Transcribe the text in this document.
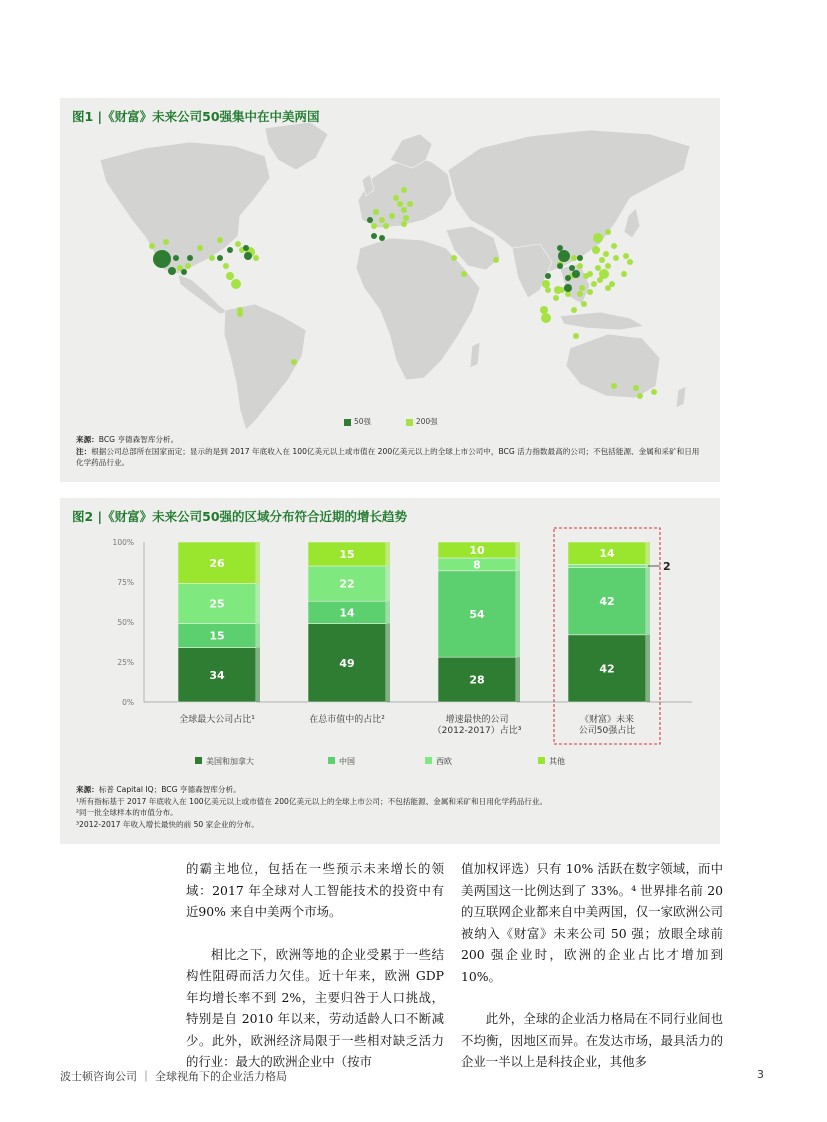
图1 |《财富》未来公司50强集中在中美两国
50强	200强

来源：BCG 亨德森智库分析。

注：根据公司总部所在国家而定；显示的是到 2017 年底收入在 100亿美元以上或市值在 200亿美元以上的全球上市公司中，BCG 活力指数最高的公司；不包括能源、金属和采矿和日用化学药品行业。

图2 |《财富》未来公司50强的区域分布符合近期的增长趋势
100%
75%
50%
25%
0%
34
15
25
26
全球最大公司占比¹
49
14
22
15
在总市值中的占比²
28
54
8
10
增速最快的公司
（2012-2017）占比³
42
42
14
《财富》未来
公司50强占比
2
美国和加拿大	中国	西欧	其他

来源：标普 Capital IQ；BCG 亨德森智库分析。

¹所有指标基于 2017 年底收入在 100亿美元以上或市值在 200亿美元以上的全球上市公司；不包括能源、金属和采矿和日用化学药品行业。

²同一批全球样本的市值分布。

³2012-2017 年收入增长最快的前 50 家企业的分布。

的霸主地位，包括在一些预示未来增长的领域：2017 年全球对人工智能技术的投资中有近90% 来自中美两个市场。

相比之下，欧洲等地的企业受累于一些结构性阻碍而活力欠佳。近十年来，欧洲 GDP 年均增长率不到 2%，主要归咎于人口挑战，特别是自 2010 年以来，劳动适龄人口不断减少。此外，欧洲经济局限于一些相对缺乏活力的行业：最大的欧洲企业中（按市

值加权评选）只有 10% 活跃在数字领域，而中美两国这一比例达到了 33%。⁴ 世界排名前 20 的互联网企业都来自中美两国，仅一家欧洲公司被纳入《财富》未来公司 50 强；放眼全球前 200 强企业时，欧洲的企业占比才增加到 10%。

此外，全球的企业活力格局在不同行业间也不均衡，因地区而异。在发达市场，最具活力的企业一半以上是科技企业，其他多

波士顿咨询公司 ｜ 全球视角下的企业活力格局	3
